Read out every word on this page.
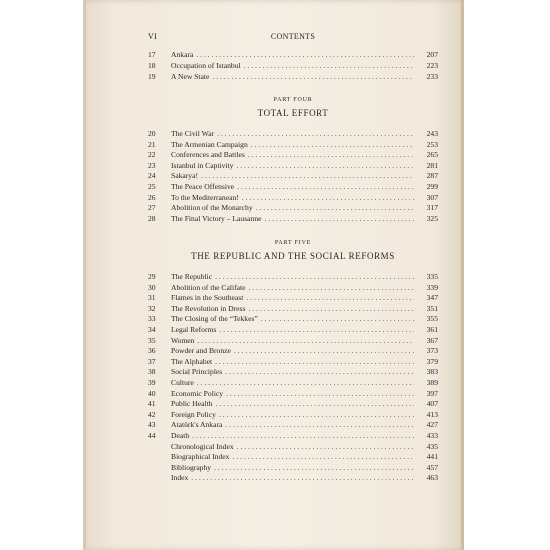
VI	CONTENTS
PART FOUR
TOTAL EFFORT
PART FIVE
THE REPUBLIC AND THE SOCIAL REFORMS
17	Ankara . . .	207
18	Occupation of Istanbul . . .	223
19	A New State . . .	233
20	The Civil War . . .	243
21	The Armenian Campaign . . .	253
22	Conferences and Battles . . .	265
23	Istanbul in Captivity . . .	281
24	Sakarya! . . .	287
25	The Peace Offensive . . .	299
26	To the Mediterranean! . . .	307
27	Abolition of the Monarchy . . .	317
28	The Final Victory – Lausanne . . .	325
29	The Republic . . .	335
30	Abolition of the Califate . . .	339
31	Flames in the Southeast . . .	347
32	The Revolution in Dress . . .	351
33	The Closing of the “Tekkes” . . .	355
34	Legal Reforms . . .	361
35	Women . . .	367
36	Powder and Bronze . . .	373
37	The Alphabet . . .	379
38	Social Principles . . .	383
39	Culture . . .	389
40	Economic Policy . . .	397
41	Public Health . . .	407
42	Foreign Policy . . .	413
43	Atatürk's Ankara . . .	427
44	Death . . .	433
Chronological Index . . .	435
Biographical Index . . .	441
Bibliography . . .	457
Index . . .	463
